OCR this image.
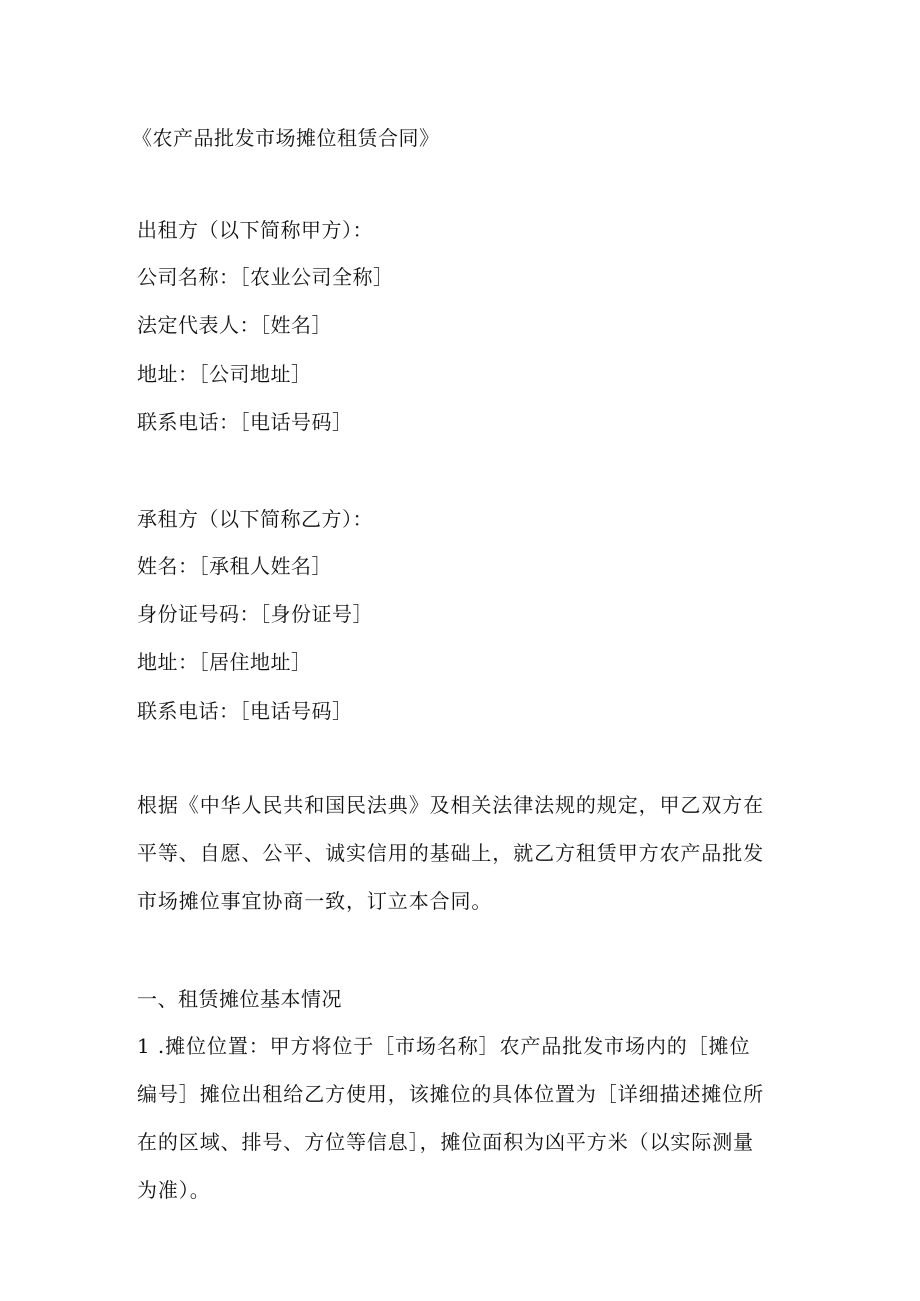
《农产品批发市场摊位租赁合同》
出租方（以下简称甲方）：
公司名称：［农业公司全称］
法定代表人：［姓名］
地址：［公司地址］
联系电话：［电话号码］
承租方（以下简称乙方）：
姓名：［承租人姓名］
身份证号码：［身份证号］
地址：［居住地址］
联系电话：［电话号码］
根据《中华人民共和国民法典》及相关法律法规的规定，甲乙双方在平等、自愿、公平、诚实信用的基础上，就乙方租赁甲方农产品批发市场摊位事宜协商一致，订立本合同。
一、租赁摊位基本情况
1 .摊位位置：甲方将位于［市场名称］农产品批发市场内的［摊位编号］摊位出租给乙方使用，该摊位的具体位置为［详细描述摊位所在的区域、排号、方位等信息］，摊位面积为凶平方米（以实际测量为准）。
